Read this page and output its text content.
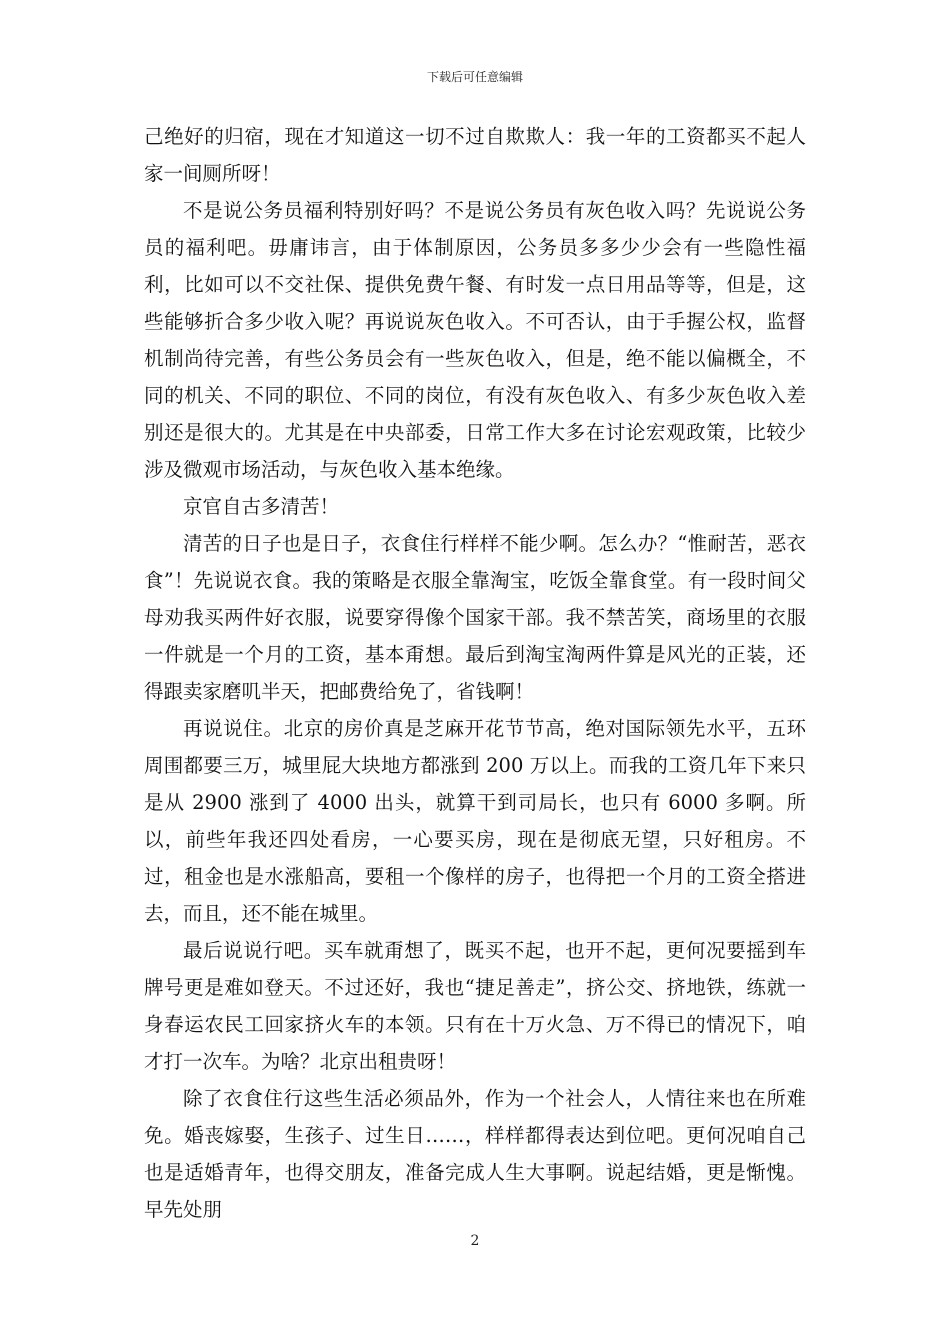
下载后可任意编辑

己绝好的归宿，现在才知道这一切不过自欺欺人：我一年的工资都买不起人家一间厕所呀！

不是说公务员福利特别好吗？不是说公务员有灰色收入吗？先说说公务员的福利吧。毋庸讳言，由于体制原因，公务员多多少少会有一些隐性福利，比如可以不交社保、提供免费午餐、有时发一点日用品等等，但是，这些能够折合多少收入呢？再说说灰色收入。不可否认，由于手握公权，监督机制尚待完善，有些公务员会有一些灰色收入，但是，绝不能以偏概全，不同的机关、不同的职位、不同的岗位，有没有灰色收入、有多少灰色收入差别还是很大的。尤其是在中央部委，日常工作大多在讨论宏观政策，比较少涉及微观市场活动，与灰色收入基本绝缘。

京官自古多清苦！

清苦的日子也是日子，衣食住行样样不能少啊。怎么办？“惟耐苦，恶衣食”！先说说衣食。我的策略是衣服全靠淘宝，吃饭全靠食堂。有一段时间父母劝我买两件好衣服，说要穿得像个国家干部。我不禁苦笑，商场里的衣服一件就是一个月的工资，基本甭想。最后到淘宝淘两件算是风光的正装，还得跟卖家磨叽半天，把邮费给免了，省钱啊！

再说说住。北京的房价真是芝麻开花节节高，绝对国际领先水平，五环周围都要三万，城里屁大块地方都涨到 200 万以上。而我的工资几年下来只是从 2900 涨到了 4000 出头，就算干到司局长，也只有 6000 多啊。所以，前些年我还四处看房，一心要买房，现在是彻底无望，只好租房。不过，租金也是水涨船高，要租一个像样的房子，也得把一个月的工资全搭进去，而且，还不能在城里。

最后说说行吧。买车就甭想了，既买不起，也开不起，更何况要摇到车牌号更是难如登天。不过还好，我也“捷足善走”，挤公交、挤地铁，练就一身春运农民工回家挤火车的本领。只有在十万火急、万不得已的情况下，咱才打一次车。为啥？北京出租贵呀！

除了衣食住行这些生活必须品外，作为一个社会人，人情往来也在所难免。婚丧嫁娶，生孩子、过生日……，样样都得表达到位吧。更何况咱自己也是适婚青年，也得交朋友，准备完成人生大事啊。说起结婚，更是惭愧。早先处朋

2
